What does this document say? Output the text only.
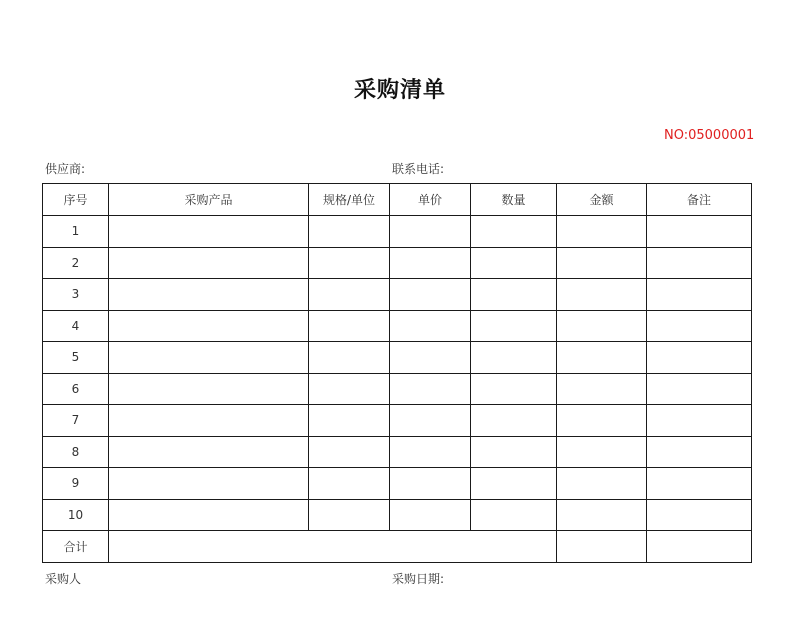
采购清单
NO:05000001
供应商:	联系电话:
序号	采购产品	规格/单位	单价	数量	金额	备注
1						
2						
3						
4						
5						
6						
7						
8						
9						
10						
合计						
采购人	采购日期:
